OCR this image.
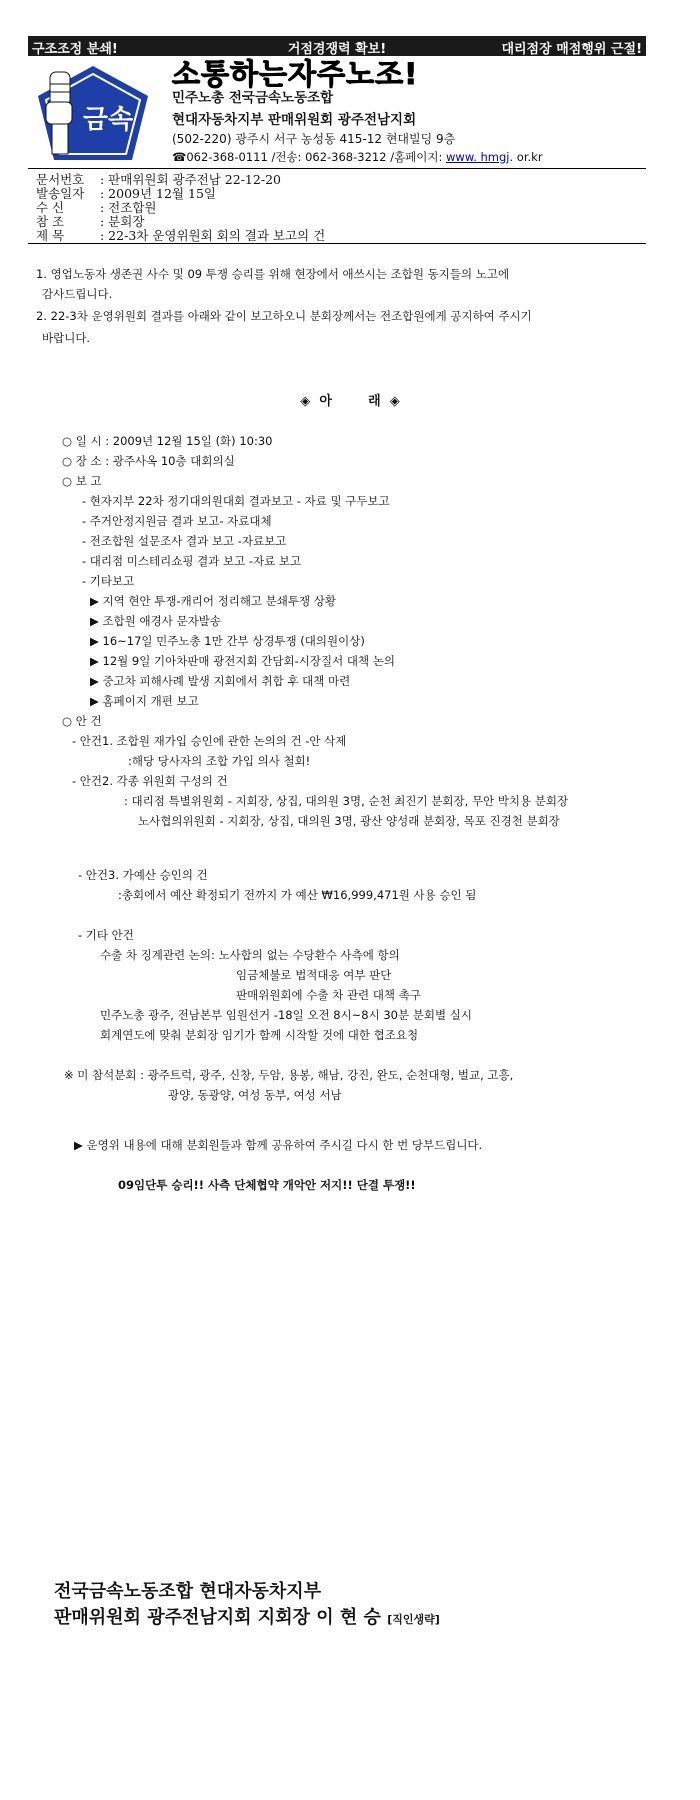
구조조정 분쇄!	거점경쟁력 확보!	대리점장 매점행위 근절!
금속
소통하는자주노조!
민주노총 전국금속노동조합
현대자동차지부 판매위원회 광주전남지회
(502-220) 광주시 서구 농성동 415-12 현대빌딩 9층
☎062-368-0111 /전송: 062-368-3212 /홈페이지: www. hmgj. or.kr
문서번호 : 판매위원회 광주전남 22-12-20
발송일자 : 2009년 12월 15일
수 신	: 전조합원
참 조	: 분회장
제 목	: 22-3차 운영위원회 회의 결과 보고의 건
1. 영업노동자 생존권 사수 및 09 투쟁 승리를 위해 현장에서 애쓰시는 조합원 동지들의 노고에
감사드립니다.
2. 22-3차 운영위원회 결과를 아래와 같이 보고하오니 분회장께서는 전조합원에게 공지하여 주시기
바랍니다.
◈  아        래  ◈
○ 일 시 : 2009년 12월 15일 (화) 10:30
○ 장 소 : 광주사옥 10층 대회의실
○ 보 고
- 현자지부 22차 정기대의원대회 결과보고 - 자료 및 구두보고
- 주거안정지원금 결과 보고- 자료대체
- 전조합원 설문조사 결과 보고 -자료보고
- 대리점 미스테리쇼핑 결과 보고 -자료 보고
- 기타보고
▶ 지역 현안 투쟁-캐리어 정리해고 분쇄투쟁 상황
▶ 조합원 애경사 문자발송
▶ 16~17일 민주노총 1만 간부 상경투쟁 (대의원이상)
▶ 12월 9일 기아차판매 광전지회 간담회-시장질서 대책 논의
▶ 중고차 피해사례 발생 지회에서 취합 후 대책 마련
▶ 홈페이지 개편 보고
○ 안 건
- 안건1. 조합원 재가입 승인에 관한 논의의 건 -안 삭제
:해당 당사자의 조합 가입 의사 철회!
- 안건2. 각종 위원회 구성의 건
: 대리점 특별위원회 - 지회장, 상집, 대의원 3명, 순천 최진기 분회장, 무안 박치용 분회장
노사협의위원회 - 지회장, 상집, 대의원 3명, 광산 양성래 분회장, 목포 진경천 분회장
- 안건3. 가예산 승인의 건
:총회에서 예산 확정되기 전까지 가 예산 ₩16,999,471원 사용 승인 됨
- 기타 안건
수출 차 징계관련 논의: 노사합의 없는 수당환수 사측에 항의
임금체불로 법적대응 여부 판단
판매위원회에 수출 차 관련 대책 촉구
민주노총 광주, 전남본부 임원선거 -18일 오전 8시~8시 30분 분회별 실시
회계연도에 맞춰 분회장 임기가 함께 시작할 것에 대한 협조요청
※ 미 참석분회 : 광주트럭, 광주, 신창, 두암, 용봉, 해남, 강진, 완도, 순천대형, 벌교, 고흥,
광양, 동광양, 여성 동부, 여성 서남
▶ 운영위 내용에 대해 분회원들과 함께 공유하여 주시길 다시 한 번 당부드립니다.
09임단투 승리!! 사측 단체협약 개악안 저지!! 단결 투쟁!!
전국금속노동조합 현대자동차지부
판매위원회 광주전남지회 지회장 이 현 승 [직인생략]
